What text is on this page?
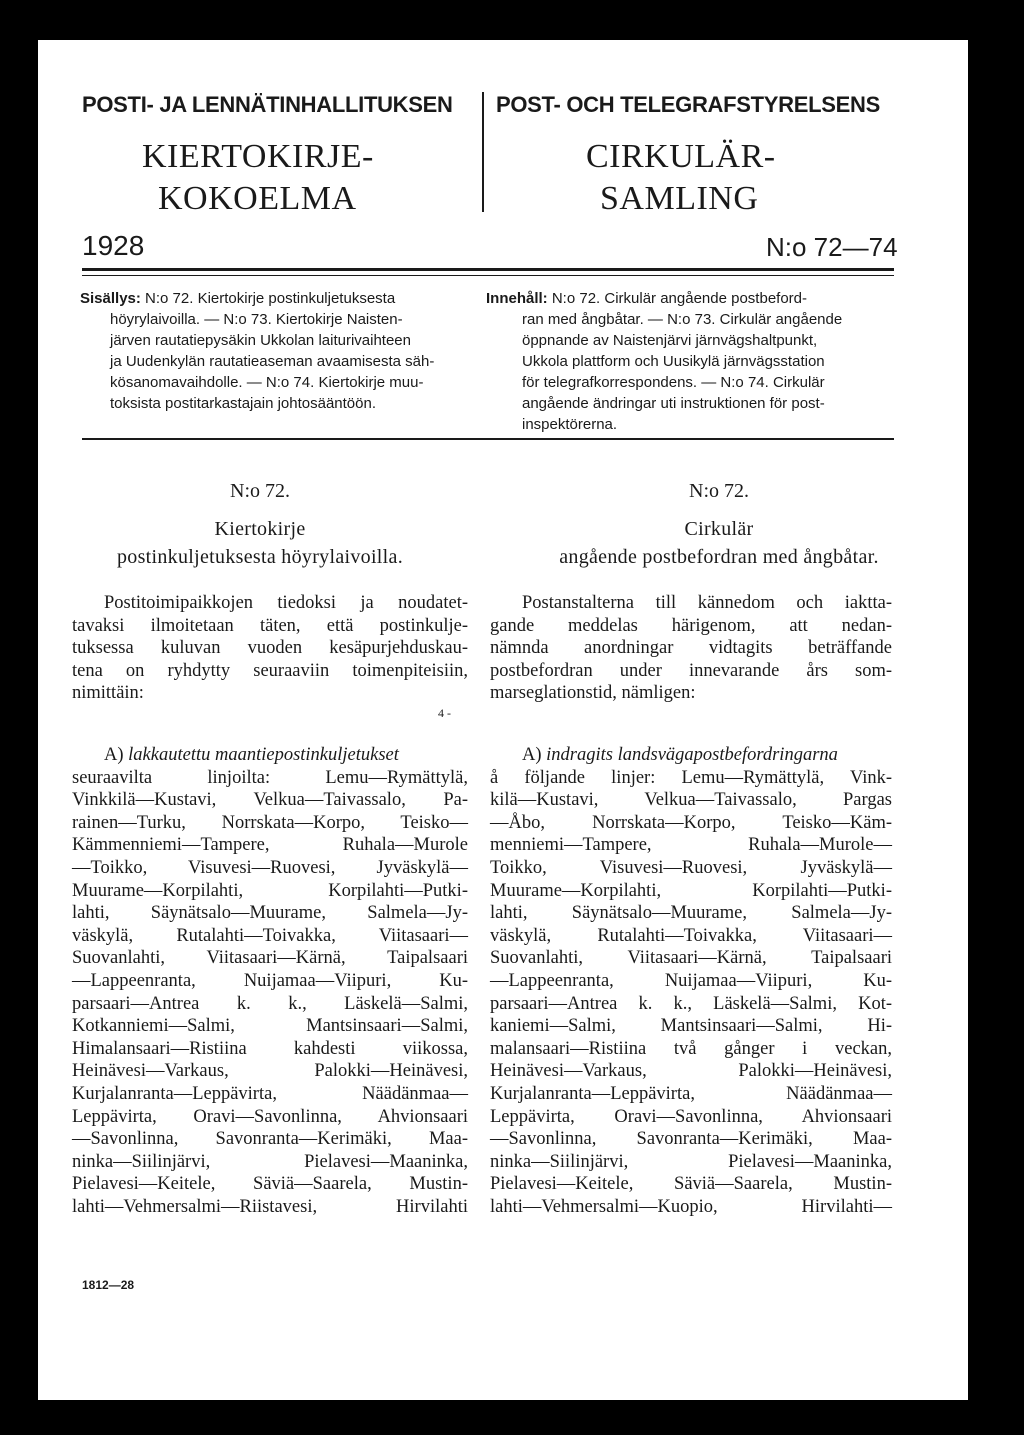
POSTI- JA LENNÄTINHALLITUKSEN
KIERTOKIRJE-
KOKOELMA
1928
POST- OCH TELEGRAFSTYRELSENS
CIRKULÄR-
SAMLING
N:o 72—74
Sisällys: N:o 72. Kiertokirje postinkuljetuksesta
höyrylaivoilla. — N:o 73. Kiertokirje Naisten-
järven rautatiepysäkin Ukkolan laiturivaihteen
ja Uudenkylän rautatieaseman avaamisesta säh-
kösanomavaihdolle. — N:o 74. Kiertokirje muu-
toksista postitarkastajain johtosääntöön.
Innehåll: N:o 72. Cirkulär angående postbeford-
ran med ångbåtar. — N:o 73. Cirkulär angående
öppnande av Naistenjärvi järnvägshaltpunkt,
Ukkola plattform och Uusikylä järnvägsstation
för telegrafkorrespondens. — N:o 74. Cirkulär
angående ändringar uti instruktionen för post-
inspektörerna.
N:o 72.
Kiertokirje
postinkuljetuksesta höyrylaivoilla.
Postitoimipaikkojen tiedoksi ja noudatet-
tavaksi ilmoitetaan täten, että postinkulje-
tuksessa kuluvan vuoden kesäpurjehduskau-
tena on ryhdytty seuraaviin toimenpiteisiin,
nimittäin:
4 -
A) lakkautettu maantiepostinkuljetukset
seuraavilta linjoilta: Lemu—Rymättylä,
Vinkkilä—Kustavi, Velkua—Taivassalo, Pa-
rainen—Turku, Norrskata—Korpo, Teisko—
Kämmenniemi—Tampere, Ruhala—Murole
—Toikko, Visuvesi—Ruovesi, Jyväskylä—
Muurame—Korpilahti, Korpilahti—Putki-
lahti, Säynätsalo—Muurame, Salmela—Jy-
väskylä, Rutalahti—Toivakka, Viitasaari—
Suovanlahti, Viitasaari—Kärnä, Taipalsaari
—Lappeenranta, Nuijamaa—Viipuri, Ku-
parsaari—Antrea k. k., Läskelä—Salmi,
Kotkanniemi—Salmi, Mantsinsaari—Salmi,
Himalansaari—Ristiina kahdesti viikossa,
Heinävesi—Varkaus, Palokki—Heinävesi,
Kurjalanranta—Leppävirta, Näädänmaa—
Leppävirta, Oravi—Savonlinna, Ahvionsaari
—Savonlinna, Savonranta—Kerimäki, Maa-
ninka—Siilinjärvi, Pielavesi—Maaninka,
Pielavesi—Keitele, Säviä—Saarela, Mustin-
lahti—Vehmersalmi—Riistavesi, Hirvilahti
N:o 72.
Cirkulär
angående postbefordran med ångbåtar.
Postanstalterna till kännedom och iaktta-
gande meddelas härigenom, att nedan-
nämnda anordningar vidtagits beträffande
postbefordran under innevarande års som-
marseglationstid, nämligen:
A) indragits landsvägapostbefordringarna
å följande linjer: Lemu—Rymättylä, Vink-
kilä—Kustavi, Velkua—Taivassalo, Pargas
—Åbo, Norrskata—Korpo, Teisko—Käm-
menniemi—Tampere, Ruhala—Murole—
Toikko, Visuvesi—Ruovesi, Jyväskylä—
Muurame—Korpilahti, Korpilahti—Putki-
lahti, Säynätsalo—Muurame, Salmela—Jy-
väskylä, Rutalahti—Toivakka, Viitasaari—
Suovanlahti, Viitasaari—Kärnä, Taipalsaari
—Lappeenranta, Nuijamaa—Viipuri, Ku-
parsaari—Antrea k. k., Läskelä—Salmi, Kot-
kaniemi—Salmi, Mantsinsaari—Salmi, Hi-
malansaari—Ristiina två gånger i veckan,
Heinävesi—Varkaus, Palokki—Heinävesi,
Kurjalanranta—Leppävirta, Näädänmaa—
Leppävirta, Oravi—Savonlinna, Ahvionsaari
—Savonlinna, Savonranta—Kerimäki, Maa-
ninka—Siilinjärvi, Pielavesi—Maaninka,
Pielavesi—Keitele, Säviä—Saarela, Mustin-
lahti—Vehmersalmi—Kuopio, Hirvilahti—
1812—28
